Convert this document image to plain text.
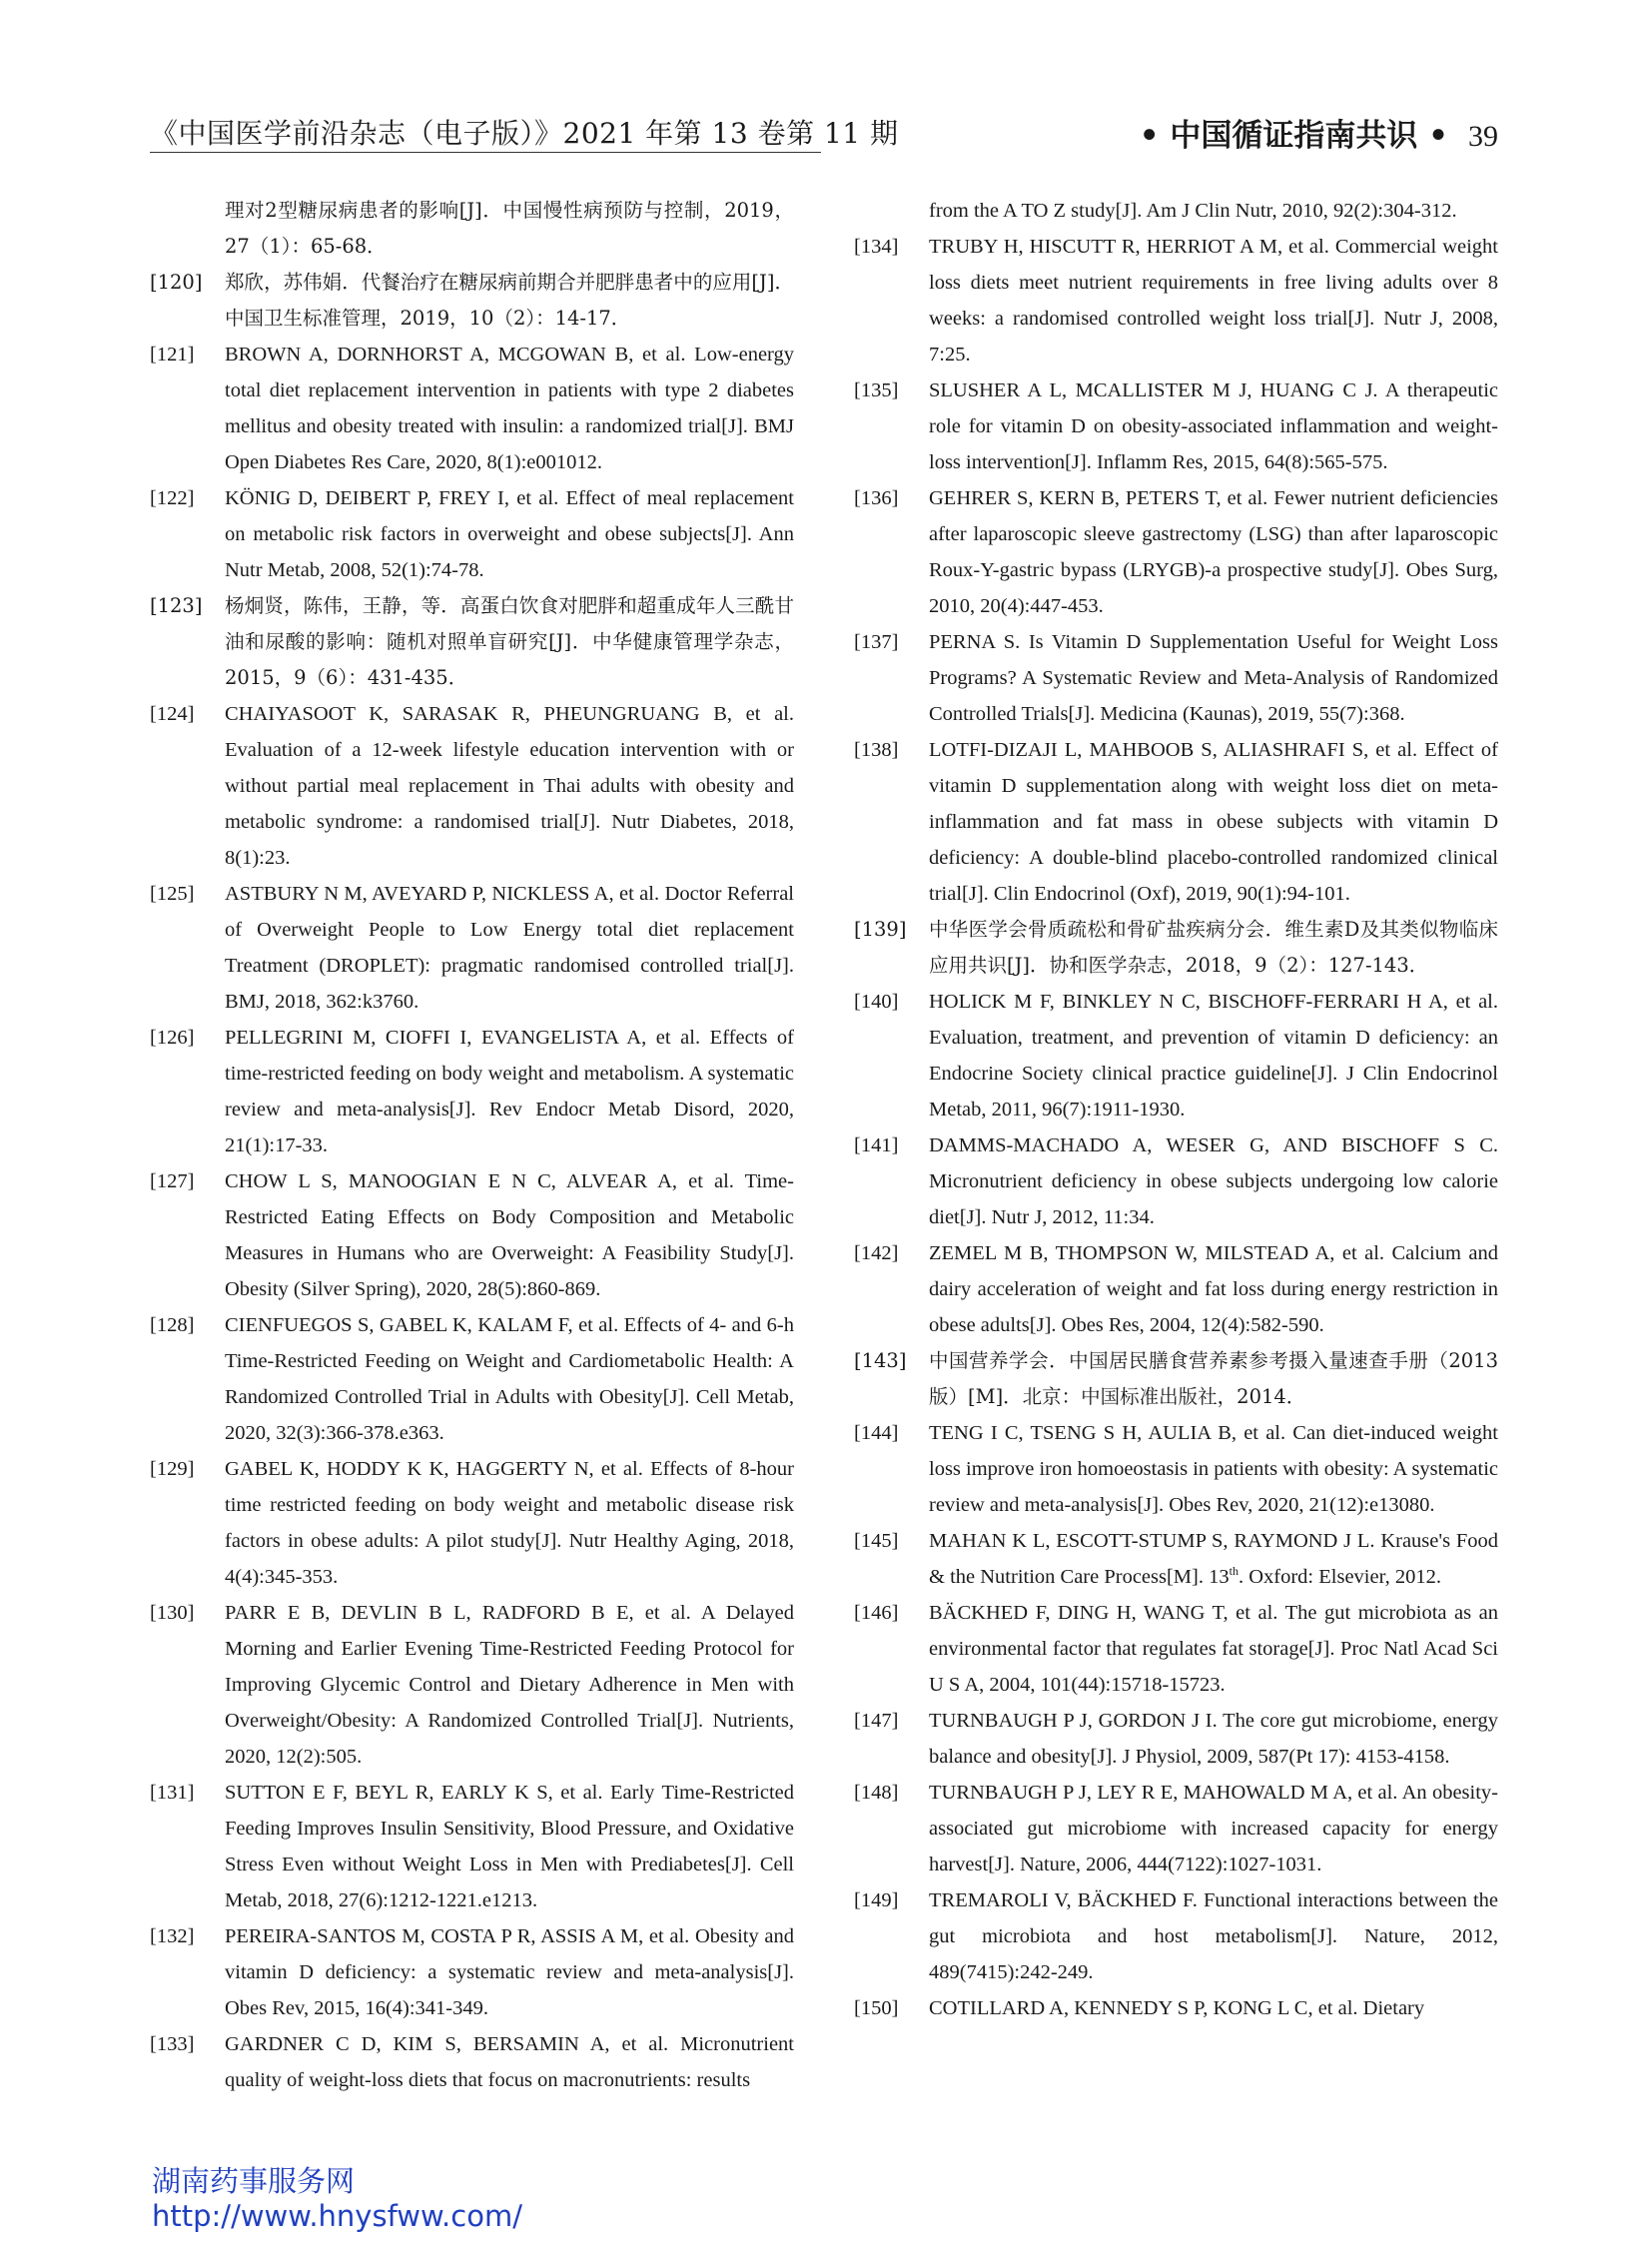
《中国医学前沿杂志（电子版）》2021 年第 13 卷第 11 期	• 中国循证指南共识 • 39

理对2型糖尿病患者的影响[J]．中国慢性病预防与控制，2019，27（1）：65-68．

[120] 郑欣，苏伟娟．代餐治疗在糖尿病前期合并肥胖患者中的应用[J]．中国卫生标准管理，2019，10（2）：14-17．

[121] BROWN A, DORNHORST A, MCGOWAN B, et al. Low-energy total diet replacement intervention in patients with type 2 diabetes mellitus and obesity treated with insulin: a randomized trial[J]. BMJ Open Diabetes Res Care, 2020, 8(1):e001012.

[122] KÖNIG D, DEIBERT P, FREY I, et al. Effect of meal replacement on metabolic risk factors in overweight and obese subjects[J]. Ann Nutr Metab, 2008, 52(1):74-78.

[123] 杨炯贤，陈伟，王静，等．高蛋白饮食对肥胖和超重成年人三酰甘油和尿酸的影响：随机对照单盲研究[J]．中华健康管理学杂志，2015，9（6）：431-435．

[124] CHAIYASOOT K, SARASAK R, PHEUNGRUANG B, et al. Evaluation of a 12-week lifestyle education intervention with or without partial meal replacement in Thai adults with obesity and metabolic syndrome: a randomised trial[J]. Nutr Diabetes, 2018, 8(1):23.

[125] ASTBURY N M, AVEYARD P, NICKLESS A, et al. Doctor Referral of Overweight People to Low Energy total diet replacement Treatment (DROPLET): pragmatic randomised controlled trial[J]. BMJ, 2018, 362:k3760.

[126] PELLEGRINI M, CIOFFI I, EVANGELISTA A, et al. Effects of time-restricted feeding on body weight and metabolism. A systematic review and meta-analysis[J]. Rev Endocr Metab Disord, 2020, 21(1):17-33.

[127] CHOW L S, MANOOGIAN E N C, ALVEAR A, et al. Time-Restricted Eating Effects on Body Composition and Metabolic Measures in Humans who are Overweight: A Feasibility Study[J]. Obesity (Silver Spring), 2020, 28(5):860-869.

[128] CIENFUEGOS S, GABEL K, KALAM F, et al. Effects of 4- and 6-h Time-Restricted Feeding on Weight and Cardiometabolic Health: A Randomized Controlled Trial in Adults with Obesity[J]. Cell Metab, 2020, 32(3):366-378.e363.

[129] GABEL K, HODDY K K, HAGGERTY N, et al. Effects of 8-hour time restricted feeding on body weight and metabolic disease risk factors in obese adults: A pilot study[J]. Nutr Healthy Aging, 2018, 4(4):345-353.

[130] PARR E B, DEVLIN B L, RADFORD B E, et al. A Delayed Morning and Earlier Evening Time-Restricted Feeding Protocol for Improving Glycemic Control and Dietary Adherence in Men with Overweight/Obesity: A Randomized Controlled Trial[J]. Nutrients, 2020, 12(2):505.

[131] SUTTON E F, BEYL R, EARLY K S, et al. Early Time-Restricted Feeding Improves Insulin Sensitivity, Blood Pressure, and Oxidative Stress Even without Weight Loss in Men with Prediabetes[J]. Cell Metab, 2018, 27(6):1212-1221.e1213.

[132] PEREIRA-SANTOS M, COSTA P R, ASSIS A M, et al. Obesity and vitamin D deficiency: a systematic review and meta-analysis[J]. Obes Rev, 2015, 16(4):341-349.

[133] GARDNER C D, KIM S, BERSAMIN A, et al. Micronutrient quality of weight-loss diets that focus on macronutrients: results

from the A TO Z study[J]. Am J Clin Nutr, 2010, 92(2):304-312.

[134] TRUBY H, HISCUTT R, HERRIOT A M, et al. Commercial weight loss diets meet nutrient requirements in free living adults over 8 weeks: a randomised controlled weight loss trial[J]. Nutr J, 2008, 7:25.

[135] SLUSHER A L, MCALLISTER M J, HUANG C J. A therapeutic role for vitamin D on obesity-associated inflammation and weight-loss intervention[J]. Inflamm Res, 2015, 64(8):565-575.

[136] GEHRER S, KERN B, PETERS T, et al. Fewer nutrient deficiencies after laparoscopic sleeve gastrectomy (LSG) than after laparoscopic Roux-Y-gastric bypass (LRYGB)-a prospective study[J]. Obes Surg, 2010, 20(4):447-453.

[137] PERNA S. Is Vitamin D Supplementation Useful for Weight Loss Programs? A Systematic Review and Meta-Analysis of Randomized Controlled Trials[J]. Medicina (Kaunas), 2019, 55(7):368.

[138] LOTFI-DIZAJI L, MAHBOOB S, ALIASHRAFI S, et al. Effect of vitamin D supplementation along with weight loss diet on meta-inflammation and fat mass in obese subjects with vitamin D deficiency: A double-blind placebo-controlled randomized clinical trial[J]. Clin Endocrinol (Oxf), 2019, 90(1):94-101.

[139] 中华医学会骨质疏松和骨矿盐疾病分会．维生素D及其类似物临床应用共识[J]．协和医学杂志，2018，9（2）：127-143．

[140] HOLICK M F, BINKLEY N C, BISCHOFF-FERRARI H A, et al. Evaluation, treatment, and prevention of vitamin D deficiency: an Endocrine Society clinical practice guideline[J]. J Clin Endocrinol Metab, 2011, 96(7):1911-1930.

[141] DAMMS-MACHADO A, WESER G, AND BISCHOFF S C. Micronutrient deficiency in obese subjects undergoing low calorie diet[J]. Nutr J, 2012, 11:34.

[142] ZEMEL M B, THOMPSON W, MILSTEAD A, et al. Calcium and dairy acceleration of weight and fat loss during energy restriction in obese adults[J]. Obes Res, 2004, 12(4):582-590.

[143] 中国营养学会．中国居民膳食营养素参考摄入量速查手册（2013版）[M]．北京：中国标准出版社，2014．

[144] TENG I C, TSENG S H, AULIA B, et al. Can diet-induced weight loss improve iron homoeostasis in patients with obesity: A systematic review and meta-analysis[J]. Obes Rev, 2020, 21(12):e13080.

[145] MAHAN K L, ESCOTT-STUMP S, RAYMOND J L. Krause's Food & the Nutrition Care Process[M]. 13th. Oxford: Elsevier, 2012.

[146] BÄCKHED F, DING H, WANG T, et al. The gut microbiota as an environmental factor that regulates fat storage[J]. Proc Natl Acad Sci U S A, 2004, 101(44):15718-15723.

[147] TURNBAUGH P J, GORDON J I. The core gut microbiome, energy balance and obesity[J]. J Physiol, 2009, 587(Pt 17): 4153-4158.

[148] TURNBAUGH P J, LEY R E, MAHOWALD M A, et al. An obesity-associated gut microbiome with increased capacity for energy harvest[J]. Nature, 2006, 444(7122):1027-1031.

[149] TREMAROLI V, BÄCKHED F. Functional interactions between the gut microbiota and host metabolism[J]. Nature, 2012, 489(7415):242-249.

[150] COTILLARD A, KENNEDY S P, KONG L C, et al. Dietary

湖南药事服务网
http://www.hnysfww.com/
